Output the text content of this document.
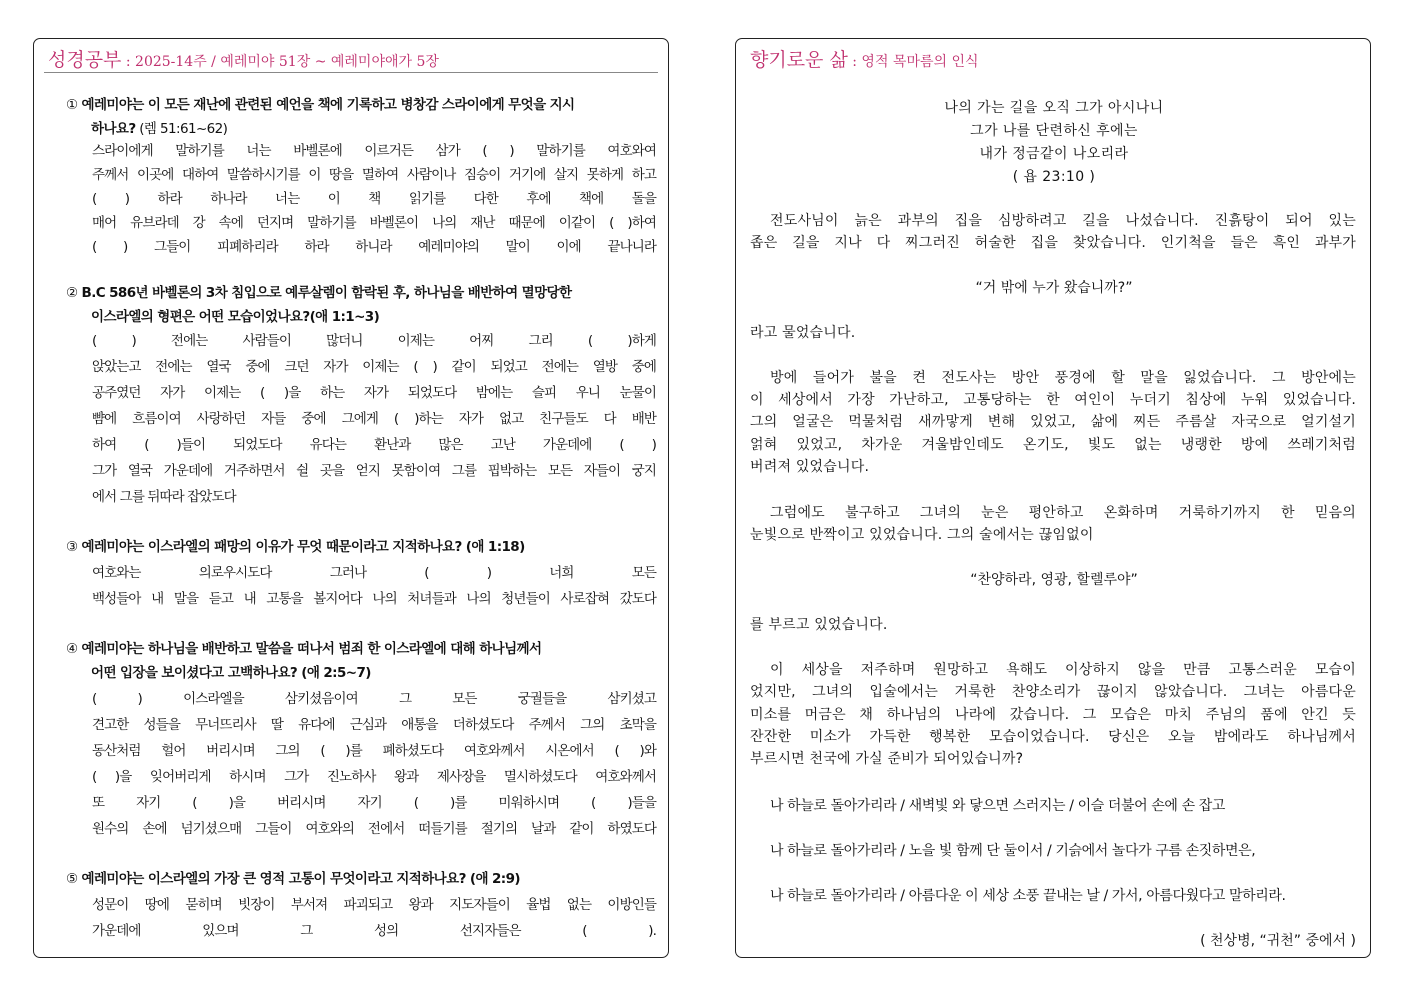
성경공부 : 2025-14주 / 예레미야 51장 ~ 예레미야애가 5장
① 예레미야는 이 모든 재난에 관련된 예언을 책에 기록하고 병창감 스라이에게 무엇을 지시
하나요? (렘 51:61~62)
스라이에게 말하기를 너는 바벨론에 이르거든 삼가 ( ) 말하기를 여호와여
주께서 이곳에 대하여 말씀하시기를 이 땅을 멸하여 사람이나 짐승이 거기에 살지 못하게 하고
( ) 하라 하나라 너는 이 책 읽기를 다한 후에 책에 돌을
매어 유브라데 강 속에 던지며 말하기를 바벨론이 나의 재난 때문에 이같이 ( )하여
( ) 그들이 피폐하리라 하라 하니라 예레미야의 말이 이에 끝나니라
② B.C 586년 바벨론의 3차 침입으로 예루살렘이 함락된 후, 하나님을 배반하여 멸망당한
이스라엘의 형편은 어떤 모습이었나요?(애 1:1~3)
( ) 전에는 사람들이 많더니 이제는 어찌 그리 ( )하게
앉았는고 전에는 열국 중에 크던 자가 이제는 ( ) 같이 되었고 전에는 열방 중에
공주였던 자가 이제는 ( )을 하는 자가 되었도다 밤에는 슬피 우니 눈물이
뺨에 흐름이여 사랑하던 자들 중에 그에게 ( )하는 자가 없고 친구들도 다 배반
하여 ( )들이 되었도다 유다는 환난과 많은 고난 가운데에 ( )
그가 열국 가운데에 거주하면서 쉴 곳을 얻지 못함이여 그를 핍박하는 모든 자들이 궁지
에서 그를 뒤따라 잡았도다
③ 예레미야는 이스라엘의 패망의 이유가 무엇 때문이라고 지적하나요? (애 1:18)
여호와는 의로우시도다 그러나 ( ) 너희 모든
백성들아 내 말을 듣고 내 고통을 볼지어다 나의 처녀들과 나의 청년들이 사로잡혀 갔도다
④ 예레미야는 하나님을 배반하고 말씀을 떠나서 범죄 한 이스라엘에 대해 하나님께서
어떤 입장을 보이셨다고 고백하나요? (애 2:5~7)
( ) 이스라엘을 삼키셨음이여 그 모든 궁궐들을 삼키셨고
견고한 성들을 무너뜨리사 딸 유다에 근심과 애통을 더하셨도다 주께서 그의 초막을
동산처럼 헐어 버리시며 그의 ( )를 폐하셨도다 여호와께서 시온에서 ( )와
( )을 잊어버리게 하시며 그가 진노하사 왕과 제사장을 멸시하셨도다 여호와께서
또 자기 ( )을 버리시며 자기 ( )를 미워하시며 ( )들을
원수의 손에 넘기셨으매 그들이 여호와의 전에서 떠들기를 절기의 날과 같이 하였도다
⑤ 예레미야는 이스라엘의 가장 큰 영적 고통이 무엇이라고 지적하나요? (애 2:9)
성문이 땅에 묻히며 빗장이 부서져 파괴되고 왕과 지도자들이 율법 없는 이방인들
가운데에 있으며 그 성의 선지자들은 ( ).
향기로운 삶 : 영적 목마름의 인식
나의 가는 길을 오직 그가 아시나니
그가 나를 단련하신 후에는
내가 정금같이 나오리라
( 욥 23:10 )
전도사님이 늙은 과부의 집을 심방하려고 길을 나섰습니다. 진흙탕이 되어 있는
좁은 길을 지나 다 찌그러진 허술한 집을 찾았습니다. 인기척을 들은 흑인 과부가
“거 밖에 누가 왔습니까?”
라고 물었습니다.
방에 들어가 불을 켠 전도사는 방안 풍경에 할 말을 잃었습니다. 그 방안에는
이 세상에서 가장 가난하고, 고통당하는 한 여인이 누더기 침상에 누워 있었습니다.
그의 얼굴은 먹물처럼 새까맣게 변해 있었고, 삶에 찌든 주름살 자국으로 얼기설기
얽혀 있었고, 차가운 겨울밤인데도 온기도, 빛도 없는 냉랭한 방에 쓰레기처럼
버려져 있었습니다.
그럼에도 불구하고 그녀의 눈은 평안하고 온화하며 거룩하기까지 한 믿음의
눈빛으로 반짝이고 있었습니다. 그의 술에서는 끊임없이
“찬양하라, 영광, 할렐루야”
를 부르고 있었습니다.
이 세상을 저주하며 원망하고 욕해도 이상하지 않을 만큼 고통스러운 모습이
었지만, 그녀의 입술에서는 거룩한 찬양소리가 끊이지 않았습니다. 그녀는 아름다운
미소를 머금은 채 하나님의 나라에 갔습니다. 그 모습은 마치 주님의 품에 안긴 듯
잔잔한 미소가 가득한 행복한 모습이었습니다. 당신은 오늘 밤에라도 하나님께서
부르시면 천국에 가실 준비가 되어있습니까?
나 하늘로 돌아가리라 / 새벽빛 와 닿으면 스러지는 / 이슬 더불어 손에 손 잡고
나 하늘로 돌아가리라 / 노을 빛 함께 단 둘이서 / 기슭에서 놀다가 구름 손짓하면은,
나 하늘로 돌아가리라 / 아름다운 이 세상 소풍 끝내는 날 / 가서, 아름다웠다고 말하리라.
( 천상병, “귀천” 중에서 )
